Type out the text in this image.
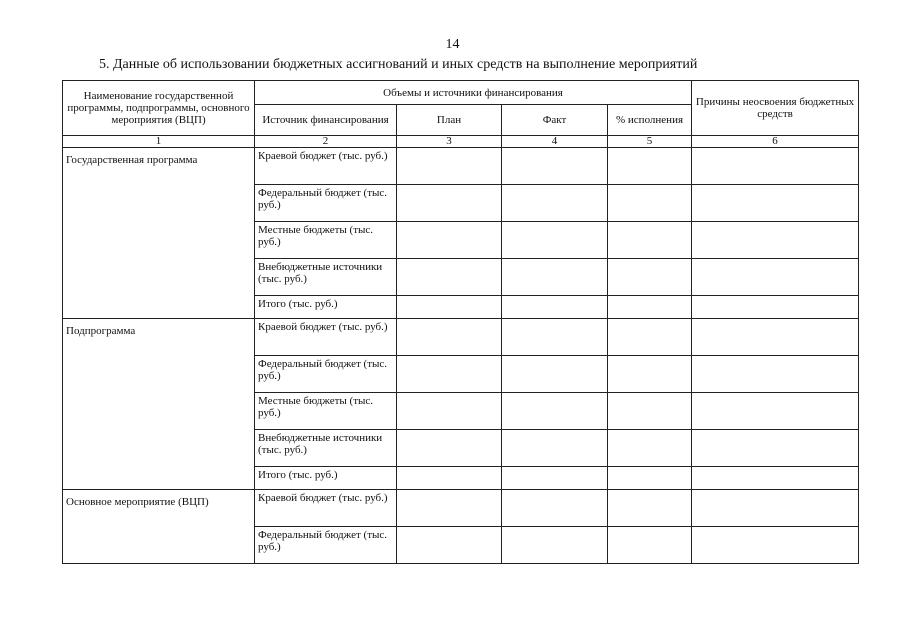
14
5. Данные об использовании бюджетных ассигнований и иных средств на выполнение мероприятий
Наименование государственной программы, подпрограммы, основного мероприятия (ВЦП)	Объемы и источники финансирования				Причины неосвоения бюджетных средств
	Источник финансирования	План	Факт	% исполнения	
1	2	3	4	5	6
Государственная программа	Краевой бюджет (тыс. руб.)				
	Федеральный бюджет (тыс. руб.)				
	Местные бюджеты (тыс. руб.)				
	Внебюджетные источники (тыс. руб.)				
	Итого (тыс. руб.)				
Подпрограмма	Краевой бюджет (тыс. руб.)				
	Федеральный бюджет (тыс. руб.)				
	Местные бюджеты (тыс. руб.)				
	Внебюджетные источники (тыс. руб.)				
	Итого (тыс. руб.)				
Основное мероприятие (ВЦП)	Краевой бюджет (тыс. руб.)				
	Федеральный бюджет (тыс. руб.)				
